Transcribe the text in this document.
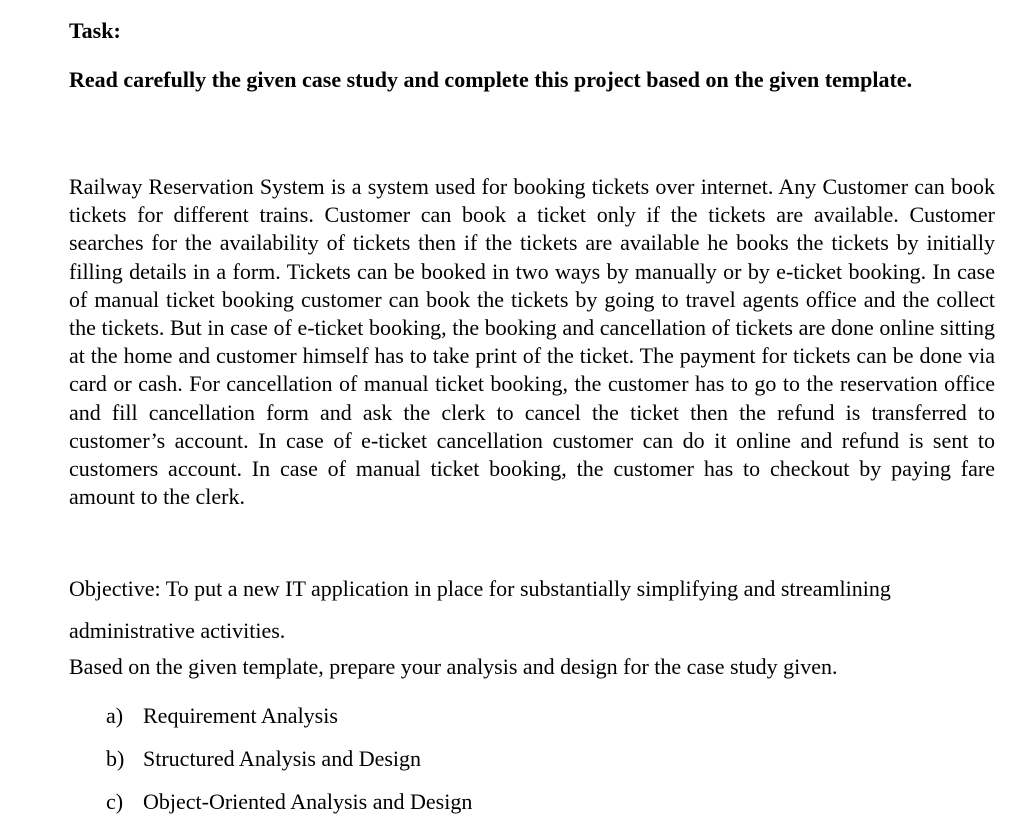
Task:
Read carefully the given case study and complete this project based on the given template.

Railway Reservation System is a system used for booking tickets over internet. Any Customer can book tickets for different trains. Customer can book a ticket only if the tickets are available. Customer searches for the availability of tickets then if the tickets are available he books the tickets by initially filling details in a form. Tickets can be booked in two ways by manually or by e-ticket booking. In case of manual ticket booking customer can book the tickets by going to travel agents office and the collect the tickets. But in case of e-ticket booking, the booking and cancellation of tickets are done online sitting at the home and customer himself has to take print of the ticket. The payment for tickets can be done via card or cash. For cancellation of manual ticket booking, the customer has to go to the reservation office and fill cancellation form and ask the clerk to cancel the ticket then the refund is transferred to customer’s account. In case of e-ticket cancellation customer can do it online and refund is sent to customers account. In case of manual ticket booking, the customer has to checkout by paying fare amount to the clerk.

Objective: To put a new IT application in place for substantially simplifying and streamlining administrative activities.

Based on the given template, prepare your analysis and design for the case study given.

a) Requirement Analysis
b) Structured Analysis and Design
c) Object-Oriented Analysis and Design
